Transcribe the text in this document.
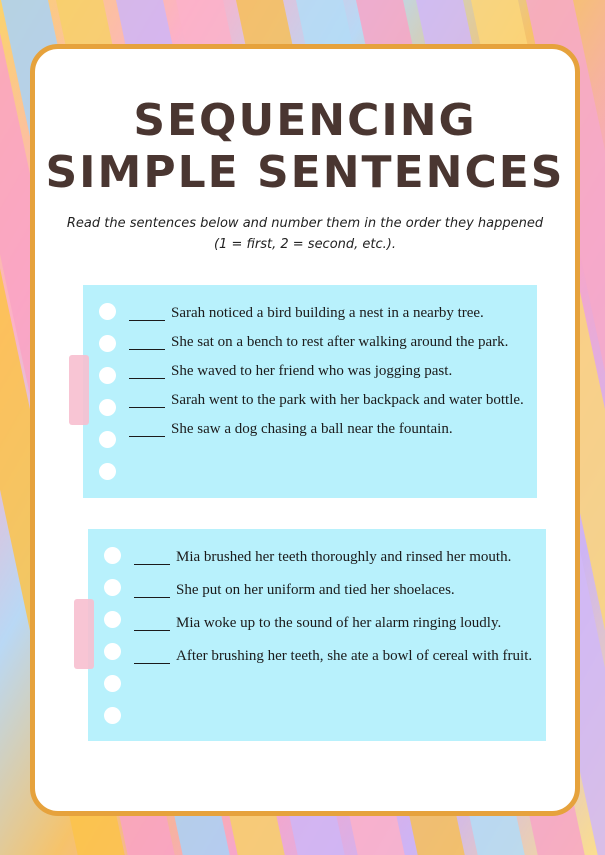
SEQUENCING
SIMPLE SENTENCES
Read the sentences below and number them in the order they happened
(1 = first, 2 = second, etc.).
Sarah noticed a bird building a nest in a nearby tree.
She sat on a bench to rest after walking around the park.
She waved to her friend who was jogging past.
Sarah went to the park with her backpack and water bottle.
She saw a dog chasing a ball near the fountain.
Mia brushed her teeth thoroughly and rinsed her mouth.
She put on her uniform and tied her shoelaces.
Mia woke up to the sound of her alarm ringing loudly.
After brushing her teeth, she ate a bowl of cereal with fruit.
